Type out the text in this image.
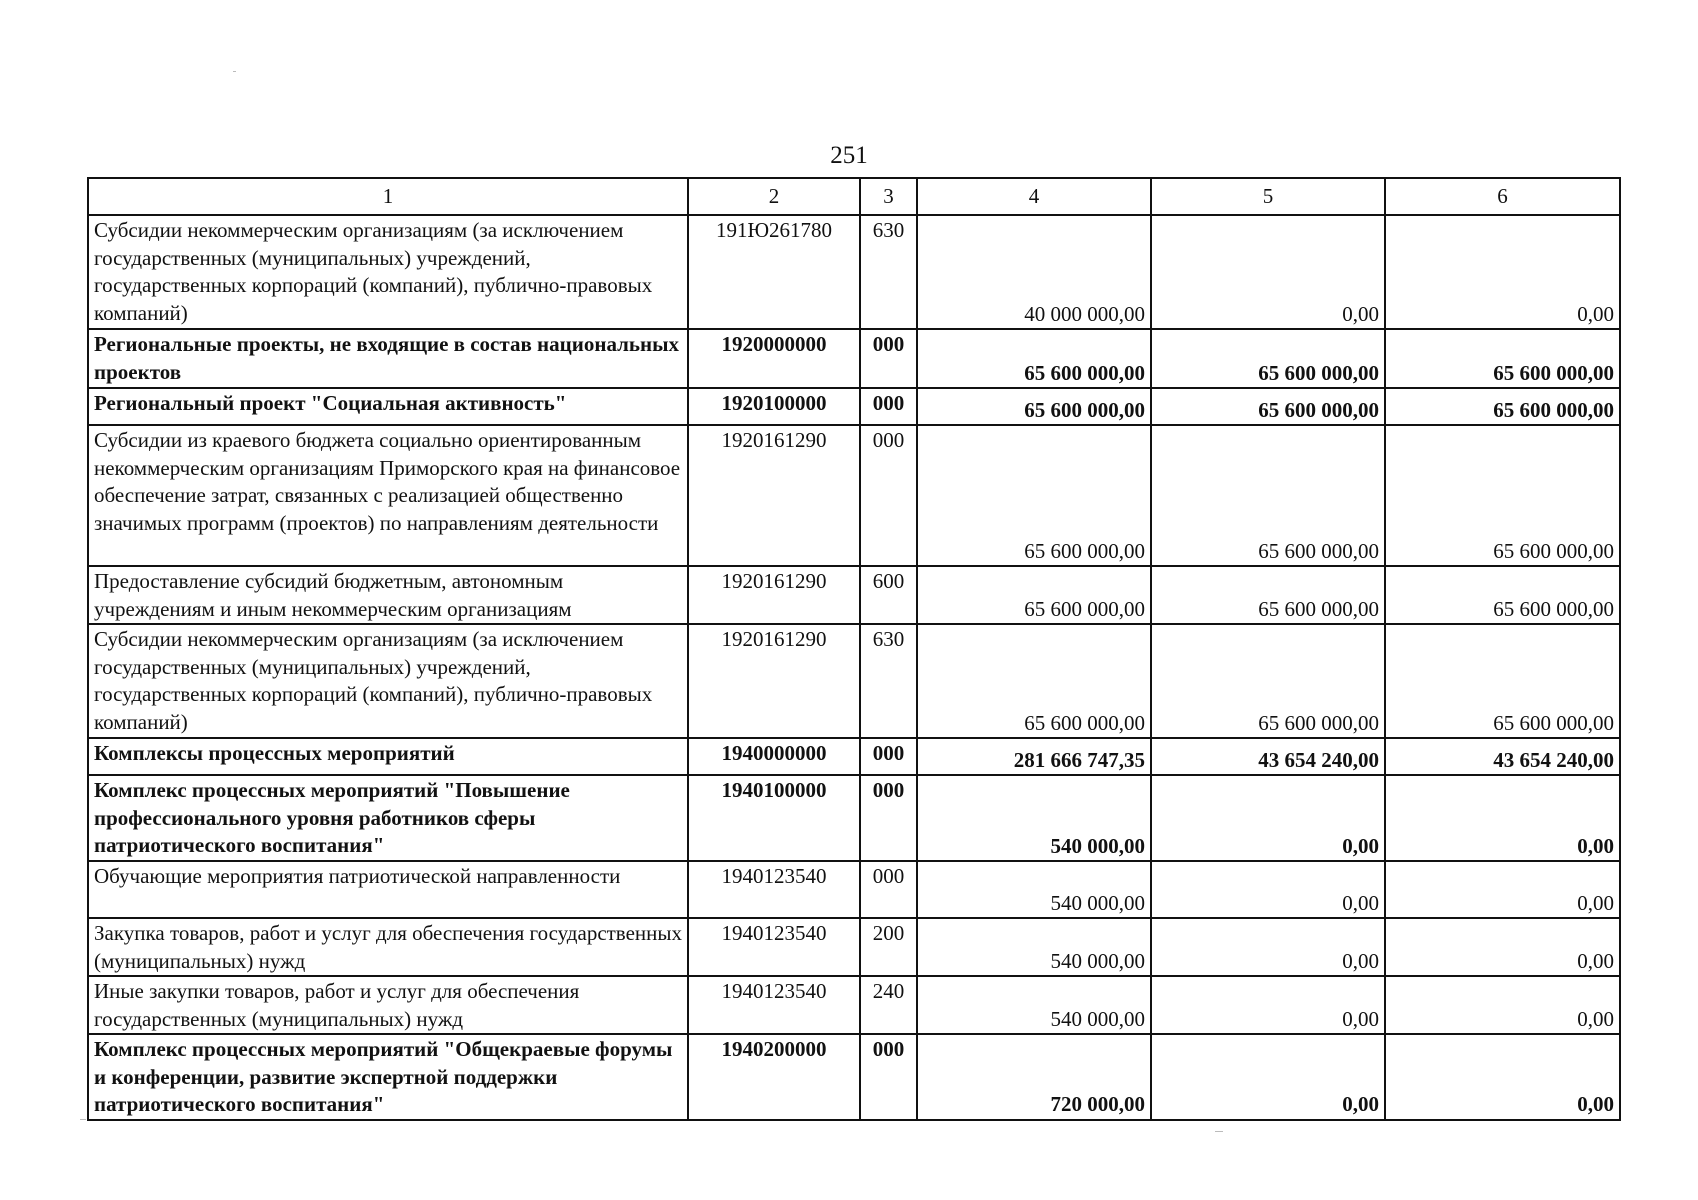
251
1	2	3	4	5	6
Субсидии некоммерческим организациям (за исключением государственных (муниципальных) учреждений, государственных корпораций (компаний), публично-правовых компаний)	191Ю261780	630	40 000 000,00	0,00	0,00
Региональные проекты, не входящие в состав национальных проектов	1920000000	000	65 600 000,00	65 600 000,00	65 600 000,00
Региональный проект "Социальная активность"	1920100000	000	65 600 000,00	65 600 000,00	65 600 000,00
Субсидии из краевого бюджета социально ориентированным некоммерческим организациям Приморского края на финансовое обеспечение затрат, связанных с реализацией общественно значимых программ (проектов) по направлениям деятельности	1920161290	000	65 600 000,00	65 600 000,00	65 600 000,00
Предоставление субсидий бюджетным, автономным учреждениям и иным некоммерческим организациям	1920161290	600	65 600 000,00	65 600 000,00	65 600 000,00
Субсидии некоммерческим организациям (за исключением государственных (муниципальных) учреждений, государственных корпораций (компаний), публично-правовых компаний)	1920161290	630	65 600 000,00	65 600 000,00	65 600 000,00
Комплексы процессных мероприятий	1940000000	000	281 666 747,35	43 654 240,00	43 654 240,00
Комплекс процессных мероприятий "Повышение профессионального уровня работников сферы патриотического воспитания"	1940100000	000	540 000,00	0,00	0,00
Обучающие мероприятия патриотической направленности	1940123540	000	540 000,00	0,00	0,00
Закупка товаров, работ и услуг для обеспечения государственных (муниципальных) нужд	1940123540	200	540 000,00	0,00	0,00
Иные закупки товаров, работ и услуг для обеспечения государственных (муниципальных) нужд	1940123540	240	540 000,00	0,00	0,00
Комплекс процессных мероприятий "Общекраевые форумы и конференции, развитие экспертной поддержки патриотического воспитания"	1940200000	000	720 000,00	0,00	0,00
